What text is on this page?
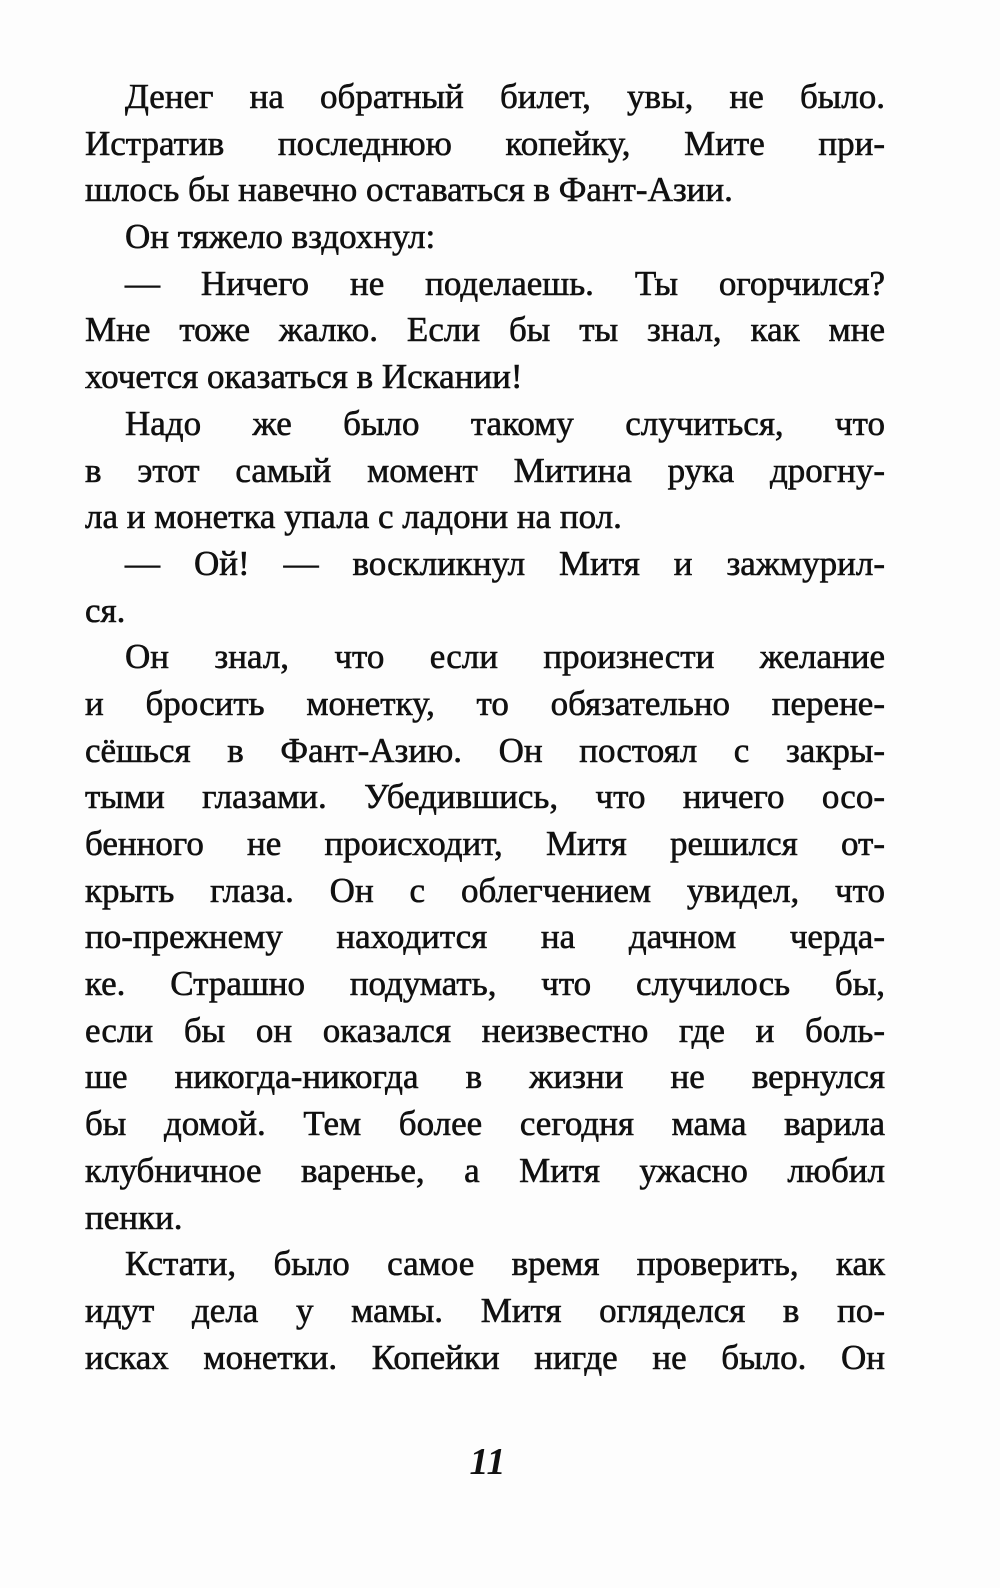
Денег на обратный билет, увы, не было.
Истратив последнюю копейку, Мите при-
шлось бы навечно оставаться в Фант-Азии.
Он тяжело вздохнул:
— Ничего не поделаешь. Ты огорчился?
Мне тоже жалко. Если бы ты знал, как мне
хочется оказаться в Искании!
Надо же было такому случиться, что
в этот самый момент Митина рука дрогну-
ла и монетка упала с ладони на пол.
— Ой! — воскликнул Митя и зажмурил-
ся.
Он знал, что если произнести желание
и бросить монетку, то обязательно перене-
сёшься в Фант-Азию. Он постоял с закры-
тыми глазами. Убедившись, что ничего осо-
бенного не происходит, Митя решился от-
крыть глаза. Он с облегчением увидел, что
по-прежнему находится на дачном черда-
ке. Страшно подумать, что случилось бы,
если бы он оказался неизвестно где и боль-
ше никогда-никогда в жизни не вернулся
бы домой. Тем более сегодня мама варила
клубничное варенье, а Митя ужасно любил
пенки.
Кстати, было самое время проверить, как
идут дела у мамы. Митя огляделся в по-
исках монетки. Копейки нигде не было. Он
11
